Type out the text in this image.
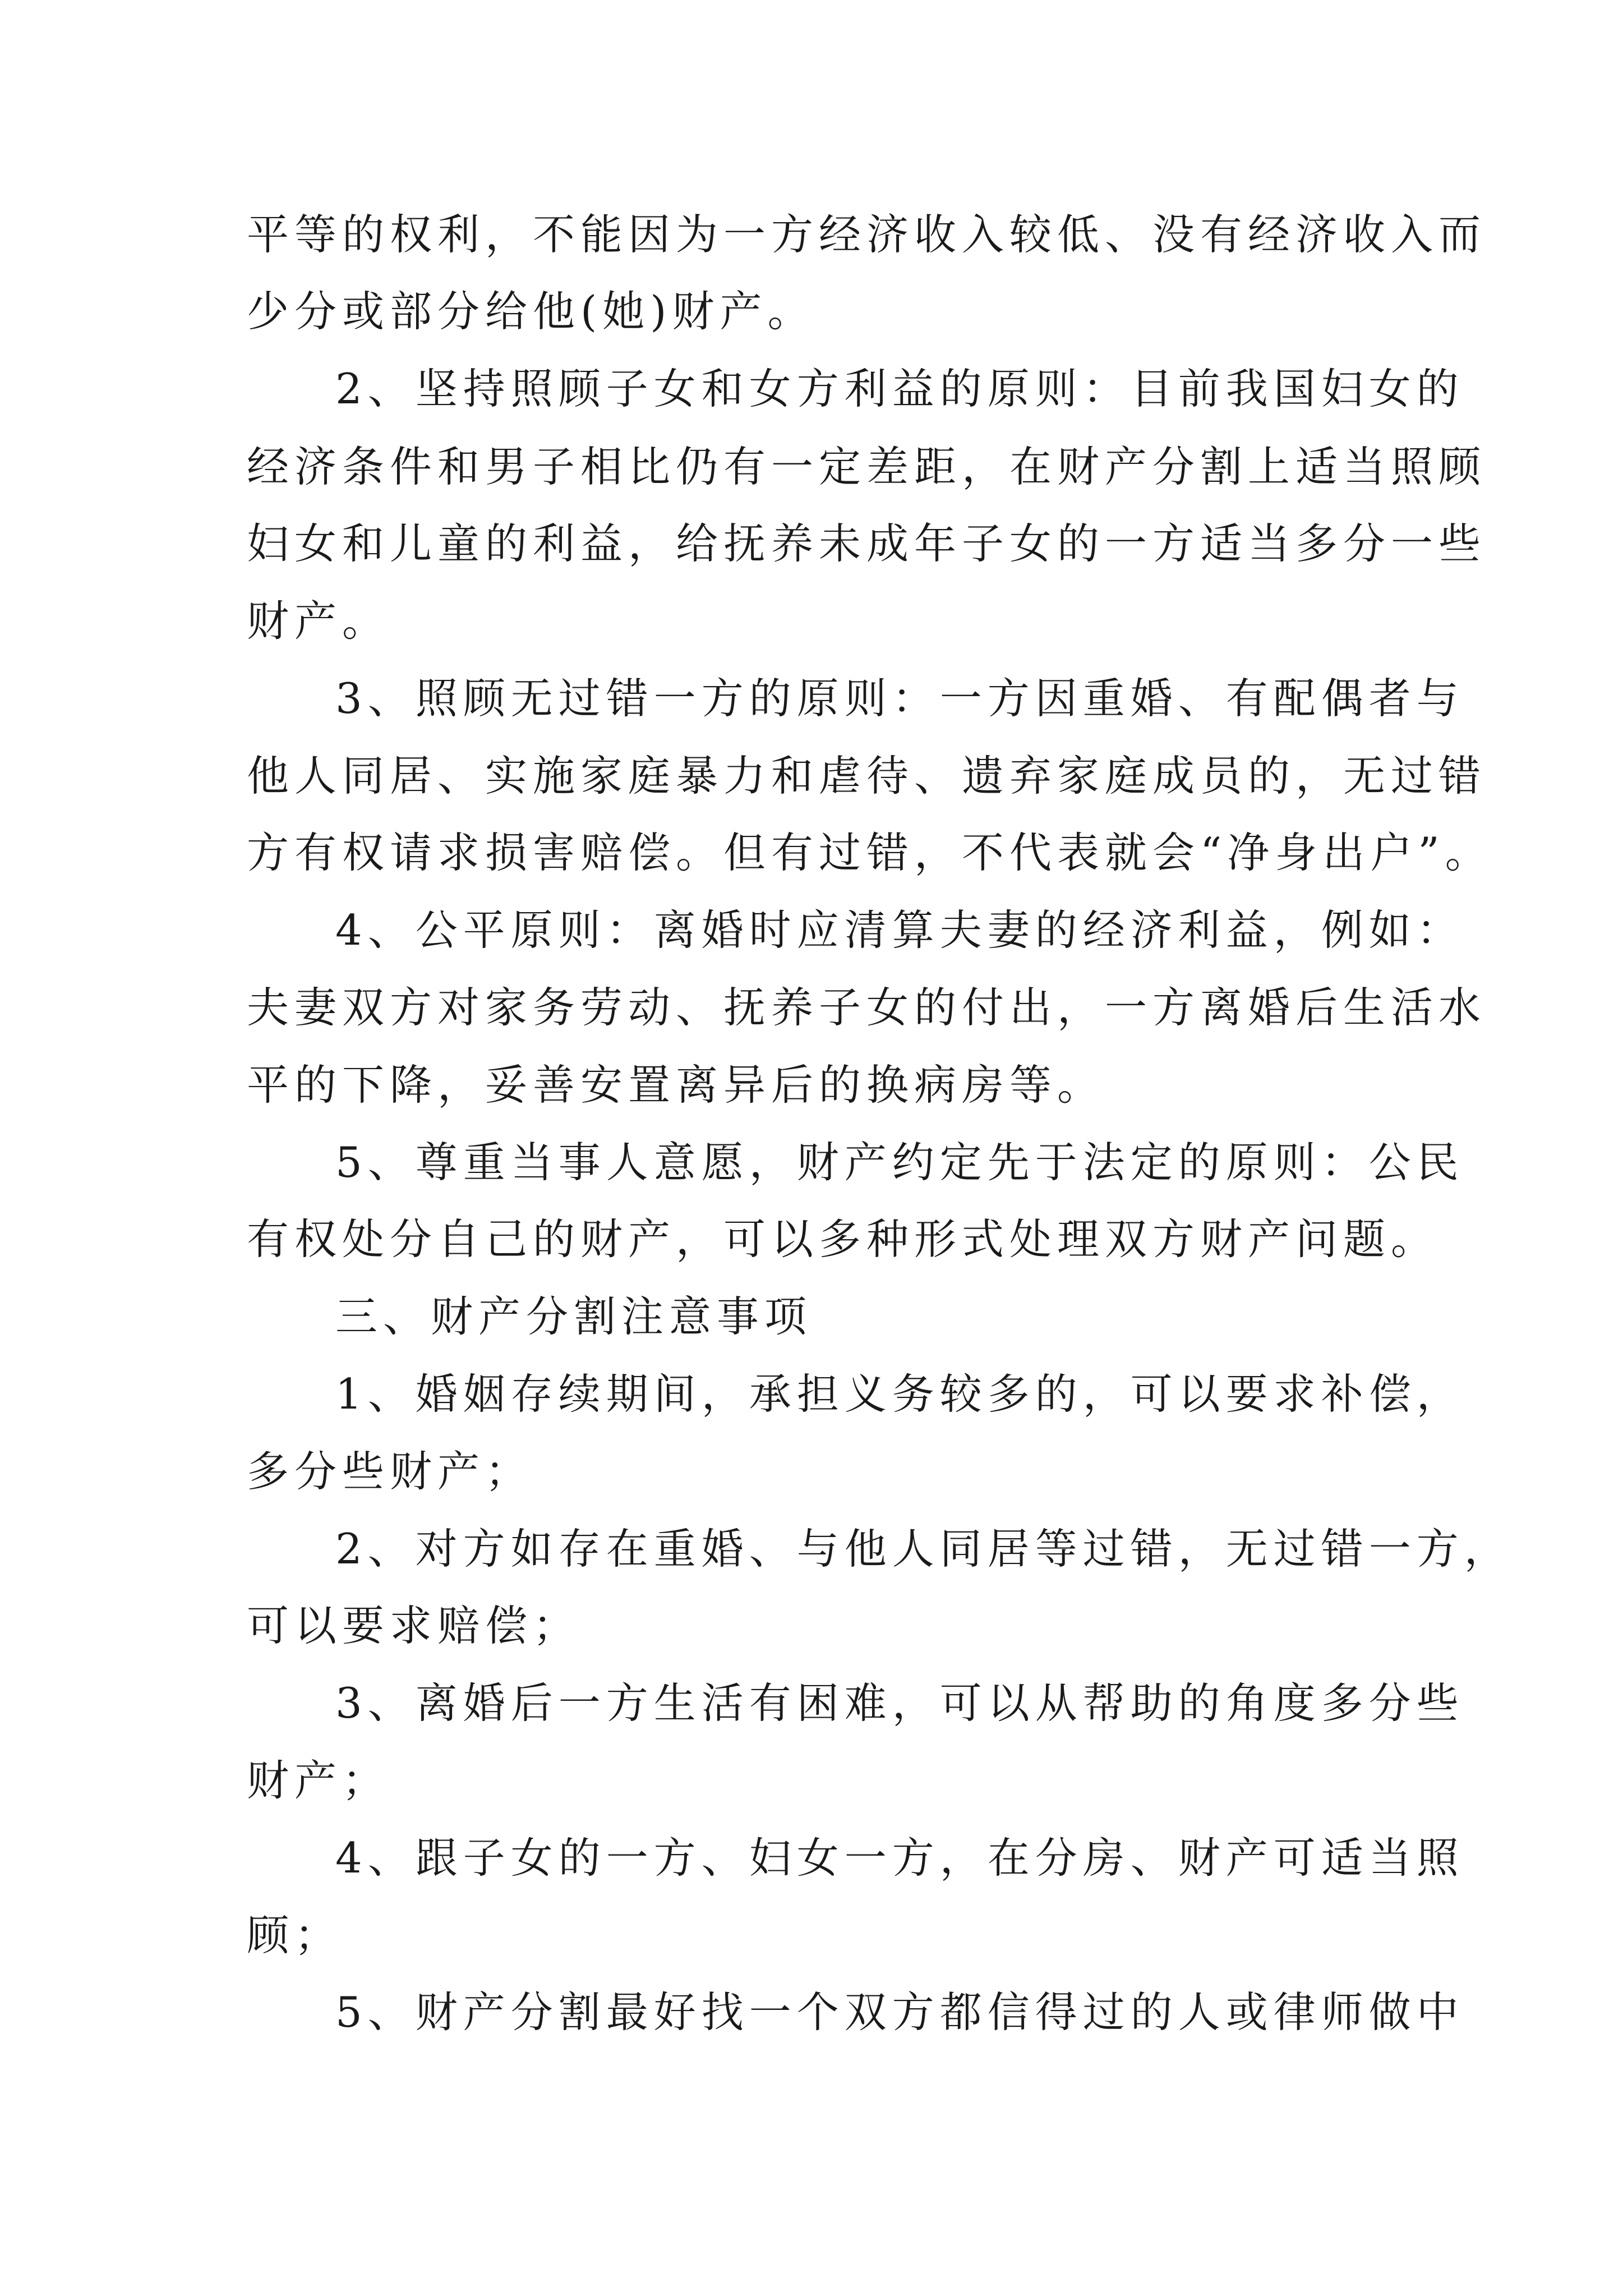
平等的权利，不能因为一方经济收入较低、没有经济收入而
少分或部分给他(她)财产。
2、坚持照顾子女和女方利益的原则：目前我国妇女的
经济条件和男子相比仍有一定差距，在财产分割上适当照顾
妇女和儿童的利益，给抚养未成年子女的一方适当多分一些
财产。
3、照顾无过错一方的原则：一方因重婚、有配偶者与
他人同居、实施家庭暴力和虐待、遗弃家庭成员的，无过错
方有权请求损害赔偿。但有过错，不代表就会“净身出户”。
4、公平原则：离婚时应清算夫妻的经济利益，例如：
夫妻双方对家务劳动、抚养子女的付出，一方离婚后生活水
平的下降，妥善安置离异后的换病房等。
5、尊重当事人意愿，财产约定先于法定的原则：公民
有权处分自己的财产，可以多种形式处理双方财产问题。
三、财产分割注意事项
1、婚姻存续期间，承担义务较多的，可以要求补偿，
多分些财产；
2、对方如存在重婚、与他人同居等过错，无过错一方，
可以要求赔偿；
3、离婚后一方生活有困难，可以从帮助的角度多分些
财产；
4、跟子女的一方、妇女一方，在分房、财产可适当照
顾；
5、财产分割最好找一个双方都信得过的人或律师做中
